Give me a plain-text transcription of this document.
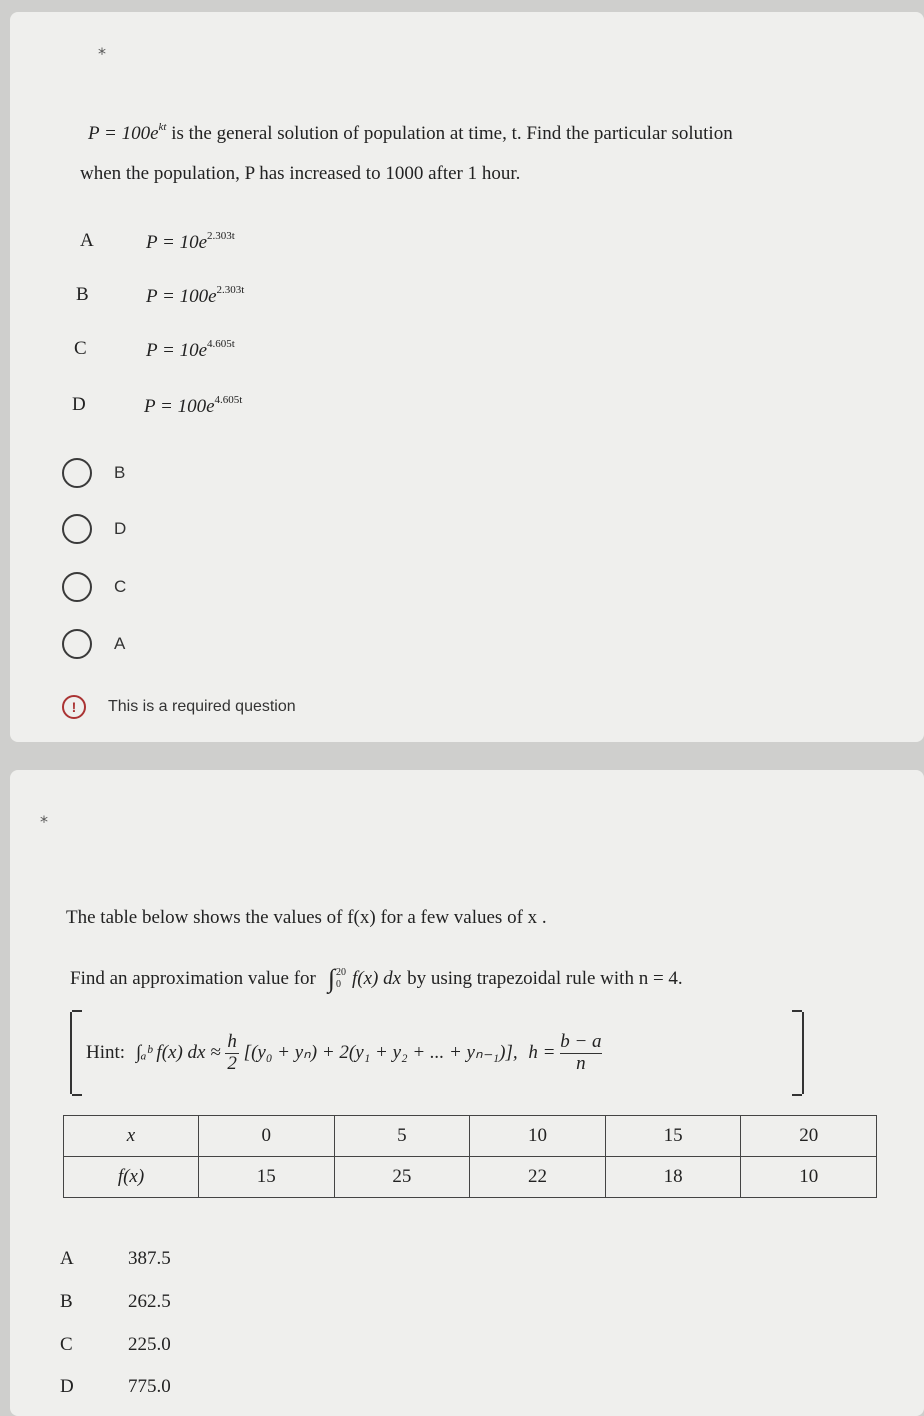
*
$P = 100e^{kt}$ is the general solution of population at time, t. Find the particular solution
when the population, P has increased to 1000 after 1 hour.
A	$P = 10e^{2.303t}$
B	$P = 100e^{2.303t}$
C	$P = 10e^{4.605t}$
D	$P = 100e^{4.605t}$
B
D
C
A
!	This is a required question
*
The table below shows the values of f(x) for a few values of x .
Find an approximation value for ∫ 20
0 f(x) dx by using trapezoidal rule with n = 4.
Hint: ∫ₐᵇ f(x) dx ≈ $\frac{h}{2} [(y_0 + y_n) + 2(y_1 + y_2$ + ... + yₙ₋₁)], $h = \frac{b - a}{n}$
x	0	5	10	15	20
f(x)	15	25	22	18	10
A	387.5
B	262.5
C	225.0
D	775.0
